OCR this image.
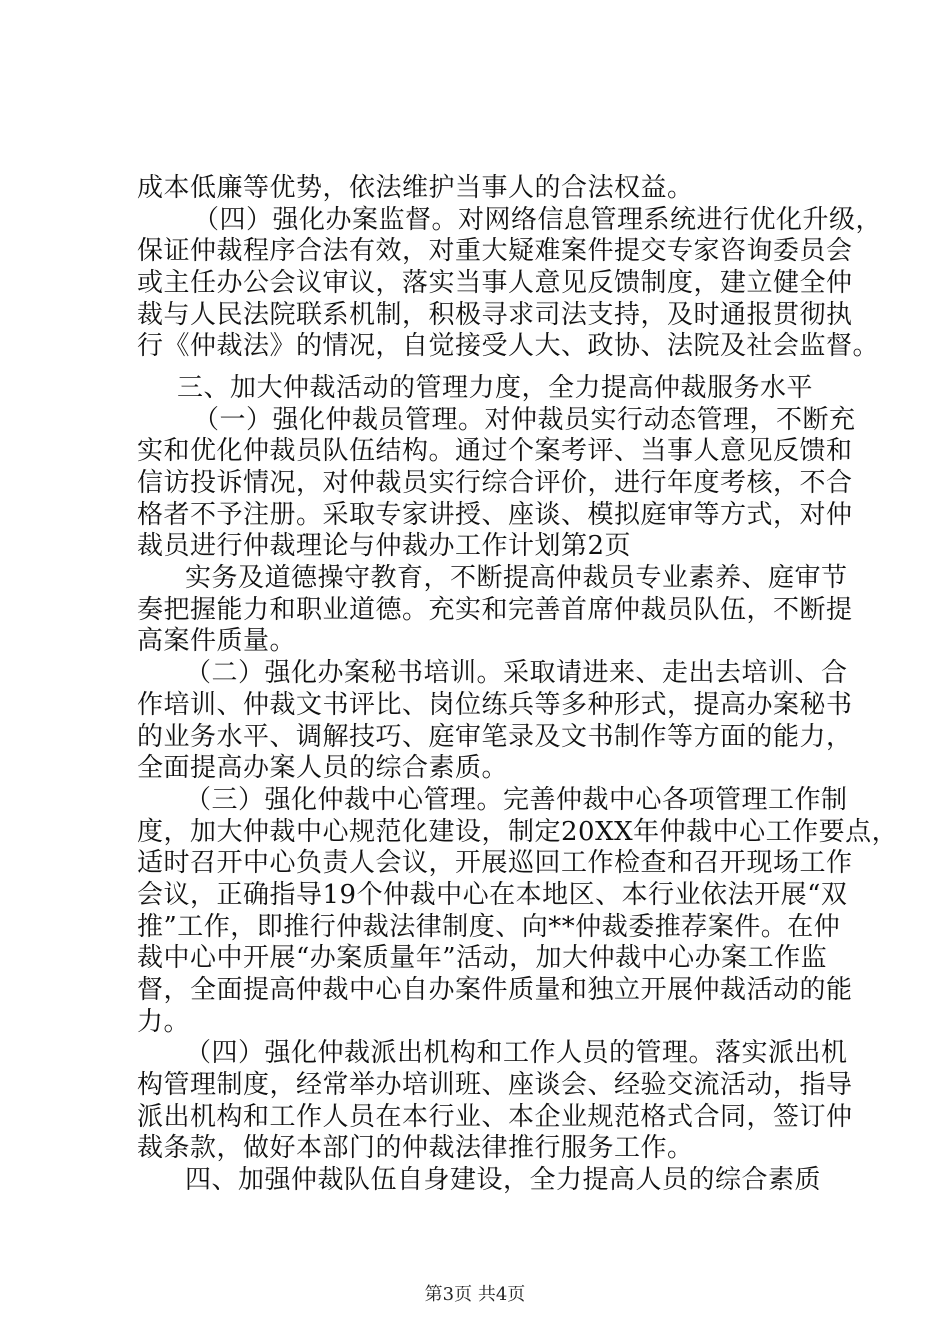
成本低廉等优势，依法维护当事人的合法权益。
（四）强化办案监督。对网络信息管理系统进行优化升级，
保证仲裁程序合法有效，对重大疑难案件提交专家咨询委员会
或主任办公会议审议，落实当事人意见反馈制度，建立健全仲
裁与人民法院联系机制，积极寻求司法支持，及时通报贯彻执
行《仲裁法》的情况，自觉接受人大、政协、法院及社会监督。
三、加大仲裁活动的管理力度，全力提高仲裁服务水平
（一）强化仲裁员管理。对仲裁员实行动态管理，不断充
实和优化仲裁员队伍结构。通过个案考评、当事人意见反馈和
信访投诉情况，对仲裁员实行综合评价，进行年度考核，不合
格者不予注册。采取专家讲授、座谈、模拟庭审等方式，对仲
裁员进行仲裁理论与仲裁办工作计划第2页
实务及道德操守教育，不断提高仲裁员专业素养、庭审节
奏把握能力和职业道德。充实和完善首席仲裁员队伍，不断提
高案件质量。
（二）强化办案秘书培训。采取请进来、走出去培训、合
作培训、仲裁文书评比、岗位练兵等多种形式，提高办案秘书
的业务水平、调解技巧、庭审笔录及文书制作等方面的能力，
全面提高办案人员的综合素质。
（三）强化仲裁中心管理。完善仲裁中心各项管理工作制
度，加大仲裁中心规范化建设，制定20XX年仲裁中心工作要点，
适时召开中心负责人会议，开展巡回工作检查和召开现场工作
会议，正确指导19个仲裁中心在本地区、本行业依法开展“双
推”工作，即推行仲裁法律制度、向**仲裁委推荐案件。在仲
裁中心中开展“办案质量年”活动，加大仲裁中心办案工作监
督，全面提高仲裁中心自办案件质量和独立开展仲裁活动的能
力。
（四）强化仲裁派出机构和工作人员的管理。落实派出机
构管理制度，经常举办培训班、座谈会、经验交流活动，指导
派出机构和工作人员在本行业、本企业规范格式合同，签订仲
裁条款，做好本部门的仲裁法律推行服务工作。
四、加强仲裁队伍自身建设，全力提高人员的综合素质
第3页 共4页
